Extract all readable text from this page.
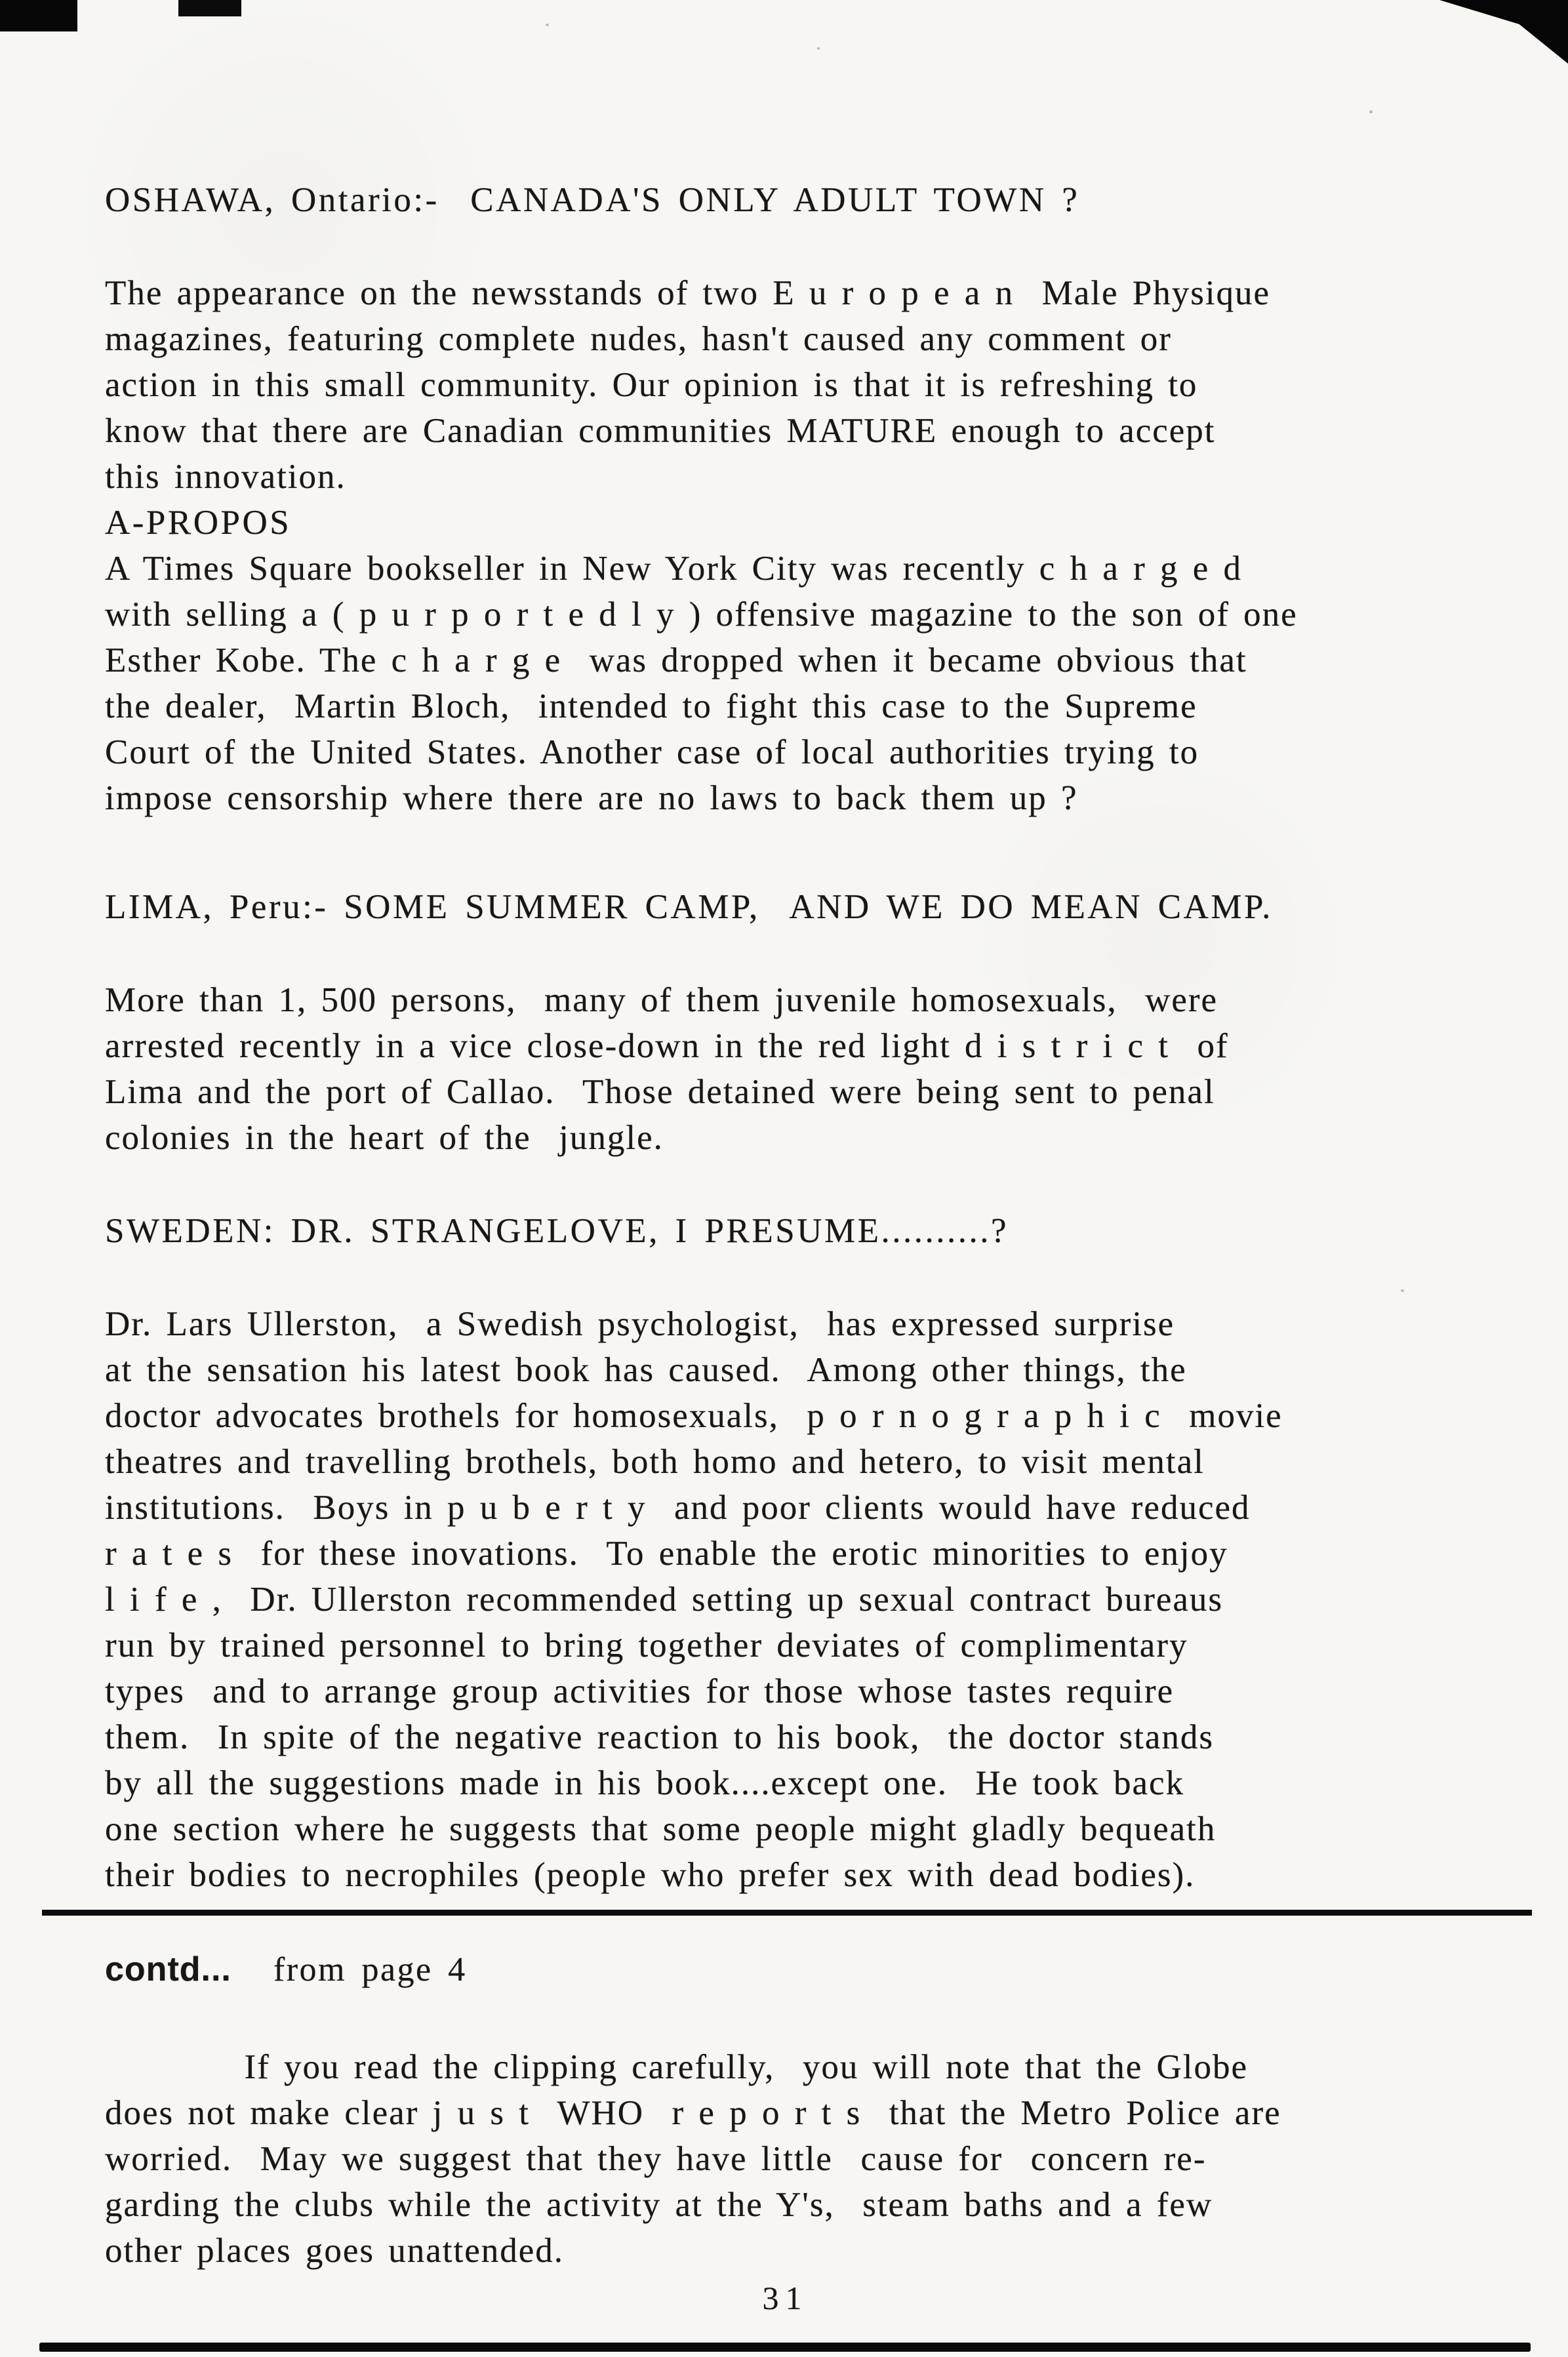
OSHAWA, Ontario:-  CANADA'S ONLY ADULT TOWN ?
The appearance on the newsstands of two E u r o p e a n  Male Physique
magazines, featuring complete nudes, hasn't caused any comment or
action in this small community. Our opinion is that it is refreshing to
know that there are Canadian communities MATURE enough to accept
this innovation.
A-PROPOS
A Times Square bookseller in New York City was recently c h a r g e d
with selling a ( p u r p o r t e d l y ) offensive magazine to the son of one
Esther Kobe. The c h a r g e  was dropped when it became obvious that
the dealer,  Martin Bloch,  intended to fight this case to the Supreme
Court of the United States. Another case of local authorities trying to
impose censorship where there are no laws to back them up ?
LIMA, Peru:- SOME SUMMER CAMP,  AND WE DO MEAN CAMP.
More than 1, 500 persons,  many of them juvenile homosexuals,  were
arrested recently in a vice close-down in the red light d i s t r i c t  of
Lima and the port of Callao.  Those detained were being sent to penal
colonies in the heart of the  jungle.
SWEDEN: DR. STRANGELOVE, I PRESUME..........?
Dr. Lars Ullerston,  a Swedish psychologist,  has expressed surprise
at the sensation his latest book has caused.  Among other things, the
doctor advocates brothels for homosexuals,  p o r n o g r a p h i c  movie
theatres and travelling brothels, both homo and hetero, to visit mental
institutions.  Boys in p u b e r t y  and poor clients would have reduced
r a t e s  for these inovations.  To enable the erotic minorities to enjoy
l i f e ,  Dr. Ullerston recommended setting up sexual contract bureaus
run by trained personnel to bring together deviates of complimentary
types  and to arrange group activities for those whose tastes require
them.  In spite of the negative reaction to his book,  the doctor stands
by all the suggestions made in his book....except one.  He took back
one section where he suggests that some people might gladly bequeath
their bodies to necrophiles (people who prefer sex with dead bodies).
contd... from page 4
If you read the clipping carefully,  you will note that the Globe
does not make clear j u s t  WHO  r e p o r t s  that the Metro Police are
worried.  May we suggest that they have little  cause for  concern re-
garding the clubs while the activity at the Y's,  steam baths and a few
other places goes unattended.
31
